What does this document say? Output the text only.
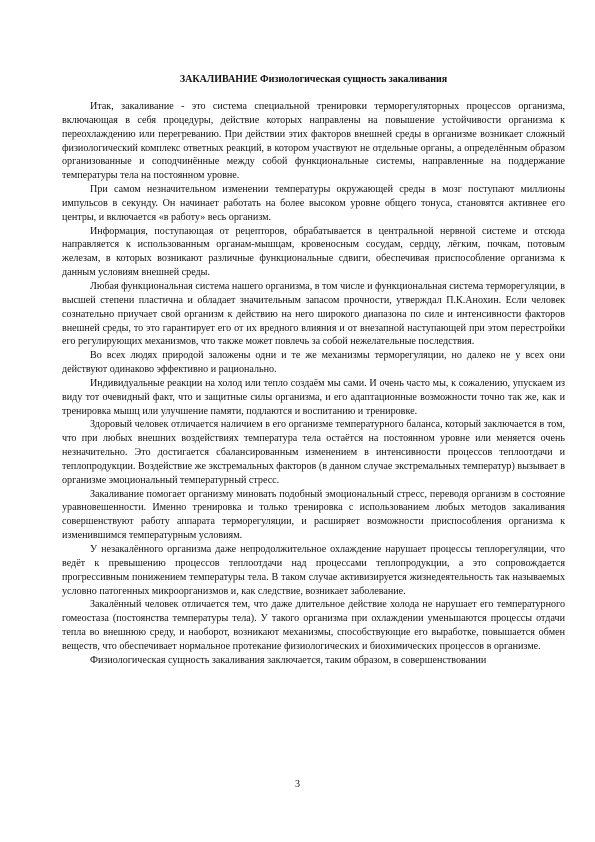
ЗАКАЛИВАНИЕ Физиологическая сущность закаливания

Итак, закаливание - это система специальной тренировки терморегуляторных процессов организма, включающая в себя процедуры, действие которых направлены на повышение устойчивости организма к переохлаждению или перегреванию. При действии этих факторов внешней среды в организме возникает сложный физиологический комплекс ответных реакций, в котором участвуют не отдельные органы, а определённым образом организованные и соподчинённые между собой функциональные системы, направленные на поддержание температуры тела на постоянном уровне.

При самом незначительном изменении температуры окружающей среды в мозг поступают миллионы импульсов в секунду. Он начинает работать на более высоком уровне общего тонуса, становятся активнее его центры, и включается «в работу» весь организм.

Информация, поступающая от рецепторов, обрабатывается в центральной нервной системе и отсюда направляется к использованным органам-мышцам, кровеносным сосудам, сердцу, лёгким, почкам, потовым железам, в которых возникают различные функциональные сдвиги, обеспечивая приспособление организма к данным условиям внешней среды.

Любая функциональная система нашего организма, в том числе и функциональная система терморегуляции, в высшей степени пластична и обладает значительным запасом прочности, утверждал П.К.Анохин. Если человек сознательно приучает свой организм к действию на него широкого диапазона по силе и интенсивности факторов внешней среды, то это гарантирует его от их вредного влияния и от внезапной наступающей при этом перестройки его регулирующих механизмов, что также может повлечь за собой нежелательные последствия.

Во всех людях природой заложены одни и те же механизмы терморегуляции, но далеко не у всех они действуют одинаково эффективно и рационально.

Индивидуальные реакции на холод или тепло создаём мы сами. И очень часто мы, к сожалению, упускаем из виду тот очевидный факт, что и защитные силы организма, и его адаптационные возможности точно так же, как и тренировка мышц или улучшение памяти, подлаются и воспитанию и тренировке.

Здоровый человек отличается наличием в его организме температурного баланса, который заключается в том, что при любых внешних воздействиях температура тела остаётся на постоянном уровне или меняется очень незначительно. Это достигается сбалансированным изменением в интенсивности процессов теплоотдачи и теплопродукции. Воздействие же экстремальных факторов (в данном случае экстремальных температур) вызывает в организме эмоциональный температурный стресс.

Закаливание помогает организму миновать подобный эмоциональный стресс, переводя организм в состояние уравновешенности. Именно тренировка и только тренировка с использованием любых методов закаливания совершенствуют работу аппарата терморегуляции, и расширяет возможности приспособления организма к изменившимся температурным условиям.

У незакалённого организма даже непродолжительное охлаждение нарушает процессы теплорегуляции, что ведёт к превышению процессов теплоотдачи над процессами теплопродукции, а это сопровождается прогрессивным понижением температуры тела. В таком случае активизируется жизнедеятельность так называемых условно патогенных микроорганизмов и, как следствие, возникает заболевание.

Закалённый человек отличается тем, что даже длительное действие холода не нарушает его температурного гомеостаза (постоянства температуры тела). У такого организма при охлаждении уменьшаются процессы отдачи тепла во внешнюю среду, и наоборот, возникают механизмы, способствующие его выработке, повышается обмен веществ, что обеспечивает нормальное протекание физиологических и биохимических процессов в организме.

Физиологическая сущность закаливания заключается, таким образом, в совершенствовании

3
